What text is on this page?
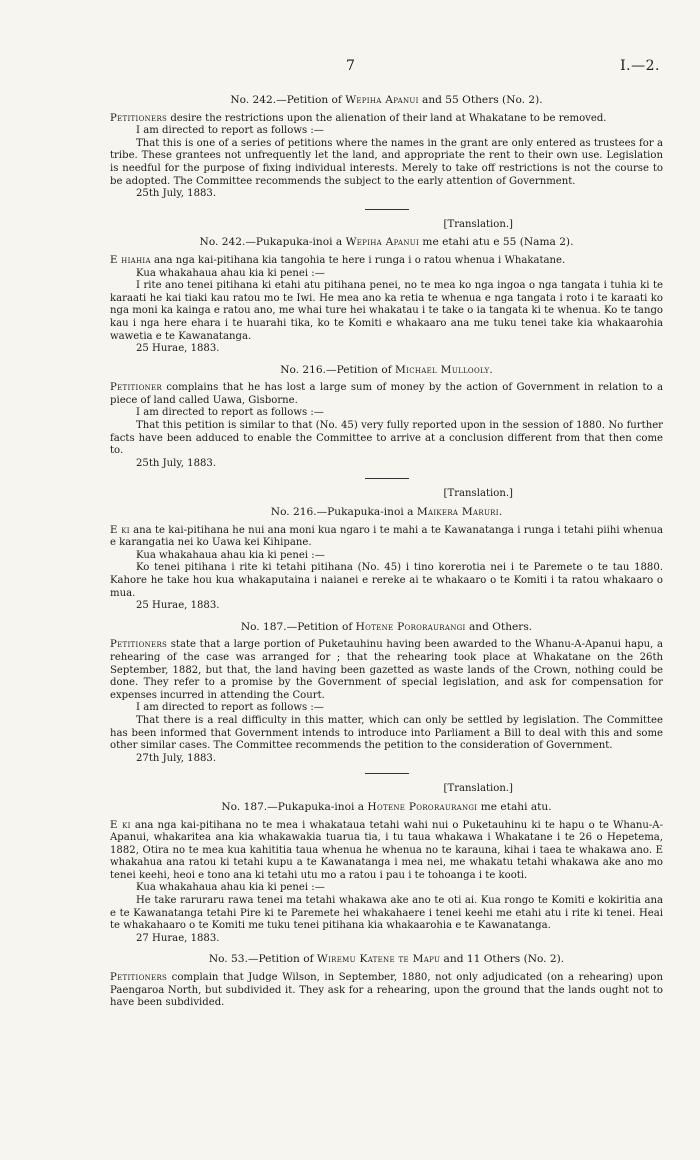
7	I.—2.
No. 242.—Petition of Wepiha Apanui and 55 Others (No. 2).

Petitioners desire the restrictions upon the alienation of their land at Whakatane to be removed.

I am directed to report as follows :—

That this is one of a series of petitions where the names in the grant are only entered as trustees for a tribe. These grantees not unfrequently let the land, and appropriate the rent to their own use. Legislation is needful for the purpose of fixing individual interests. Merely to take off restrictions is not the course to be adopted. The Committee recommends the subject to the early attention of Government.

25th July, 1883.
[Translation.]
No. 242.—Pukapuka-inoi a Wepiha Apanui me etahi atu e 55 (Nama 2).

E hiahia ana nga kai-pitihana kia tangohia te here i runga i o ratou whenua i Whakatane.

Kua whakahaua ahau kia ki penei :—

I rite ano tenei pitihana ki etahi atu pitihana penei, no te mea ko nga ingoa o nga tangata i tuhia ki te karaati he kai tiaki kau ratou mo te Iwi. He mea ano ka retia te whenua e nga tangata i roto i te karaati ko nga moni ka kainga e ratou ano, me whai ture hei whakatau i te take o ia tangata ki te whenua. Ko te tango kau i nga here ehara i te huarahi tika, ko te Komiti e whakaaro ana me tuku tenei take kia whakaarohia wawetia e te Kawanatanga.

25 Hurae, 1883.
No. 216.—Petition of Michael Mullooly.

Petitioner complains that he has lost a large sum of money by the action of Government in relation to a piece of land called Uawa, Gisborne.

I am directed to report as follows :—

That this petition is similar to that (No. 45) very fully reported upon in the session of 1880. No further facts have been adduced to enable the Committee to arrive at a conclusion different from that then come to.

25th July, 1883.
[Translation.]
No. 216.—Pukapuka-inoi a Maikera Maruri.

E ki ana te kai-pitihana he nui ana moni kua ngaro i te mahi a te Kawanatanga i runga i tetahi piihi whenua e karangatia nei ko Uawa kei Kihipane.

Kua whakahaua ahau kia ki penei :—

Ko tenei pitihana i rite ki tetahi pitihana (No. 45) i tino korerotia nei i te Paremete o te tau 1880. Kahore he take hou kua whakaputaina i naianei e rereke ai te whakaaro o te Komiti i ta ratou whakaaro o mua.

25 Hurae, 1883.
No. 187.—Petition of Hotene Pororaurangi and Others.

Petitioners state that a large portion of Puketauhinu having been awarded to the Whanu-A-Apanui hapu, a rehearing of the case was arranged for ; that the rehearing took place at Whakatane on the 26th September, 1882, but that, the land having been gazetted as waste lands of the Crown, nothing could be done. They refer to a promise by the Government of special legislation, and ask for compensation for expenses incurred in attending the Court.

I am directed to report as follows :—

That there is a real difficulty in this matter, which can only be settled by legislation. The Committee has been informed that Government intends to introduce into Parliament a Bill to deal with this and some other similar cases. The Committee recommends the petition to the consideration of Government.

27th July, 1883.
[Translation.]
No. 187.—Pukapuka-inoi a Hotene Pororaurangi me etahi atu.

E ki ana nga kai-pitihana no te mea i whakataua tetahi wahi nui o Puketauhinu ki te hapu o te Whanu-A-Apanui, whakaritea ana kia whakawakia tuarua tia, i tu taua whakawa i Whakatane i te 26 o Hepetema, 1882, Otira no te mea kua kahititia taua whenua he whenua no te karauna, kihai i taea te whakawa ano. E whakahua ana ratou ki tetahi kupu a te Kawanatanga i mea nei, me whakatu tetahi whakawa ake ano mo tenei keehi, heoi e tono ana ki tetahi utu mo a ratou i pau i te tohoanga i te kooti.

Kua whakahaua ahau kia ki penei :—

He take raruraru rawa tenei ma tetahi whakawa ake ano te oti ai. Kua rongo te Komiti e kokiritia ana e te Kawanatanga tetahi Pire ki te Paremete hei whakahaere i tenei keehi me etahi atu i rite ki tenei. Heai te whakahaaro o te Komiti me tuku tenei pitihana kia whakaarohia e te Kawanatanga.

27 Hurae, 1883.
No. 53.—Petition of Wiremu Katene te Mapu and 11 Others (No. 2).

Petitioners complain that Judge Wilson, in September, 1880, not only adjudicated (on a rehearing) upon Paengaroa North, but subdivided it. They ask for a rehearing, upon the ground that the lands ought not to have been subdivided.
